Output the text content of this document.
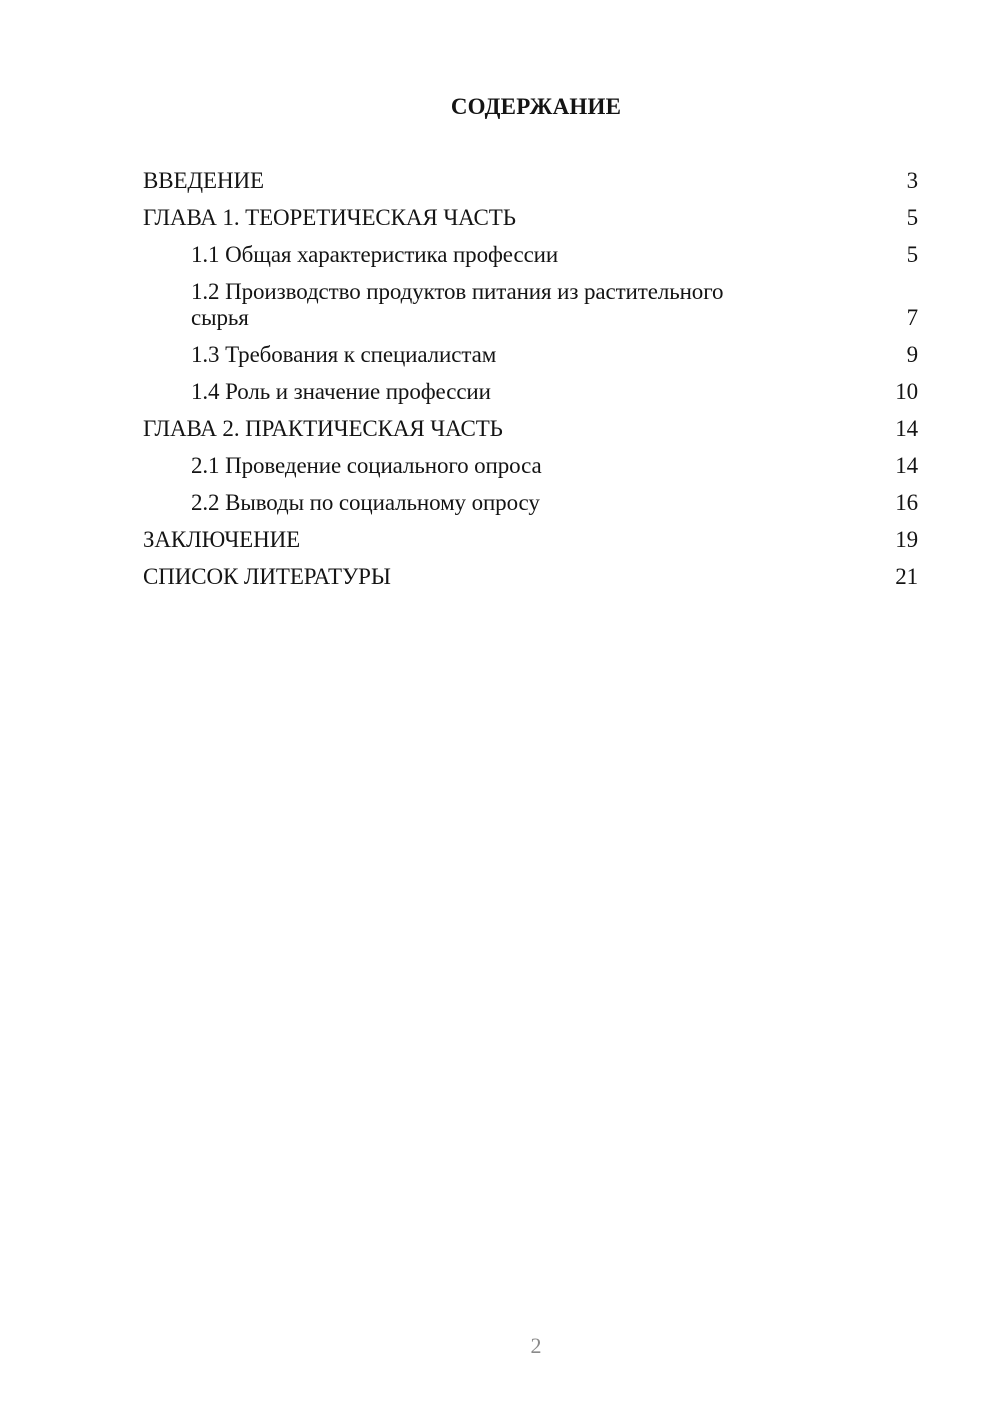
СОДЕРЖАНИЕ
ВВЕДЕНИЕ	3
ГЛАВА 1. ТЕОРЕТИЧЕСКАЯ ЧАСТЬ	5
1.1 Общая характеристика профессии	5
1.2 Производство продуктов питания из растительного сырья	7
1.3 Требования к специалистам	9
1.4 Роль и значение профессии	10
ГЛАВА 2. ПРАКТИЧЕСКАЯ ЧАСТЬ	14
2.1 Проведение социального опроса	14
2.2 Выводы по социальному опросу	16
ЗАКЛЮЧЕНИЕ	19
СПИСОК ЛИТЕРАТУРЫ	21
2
